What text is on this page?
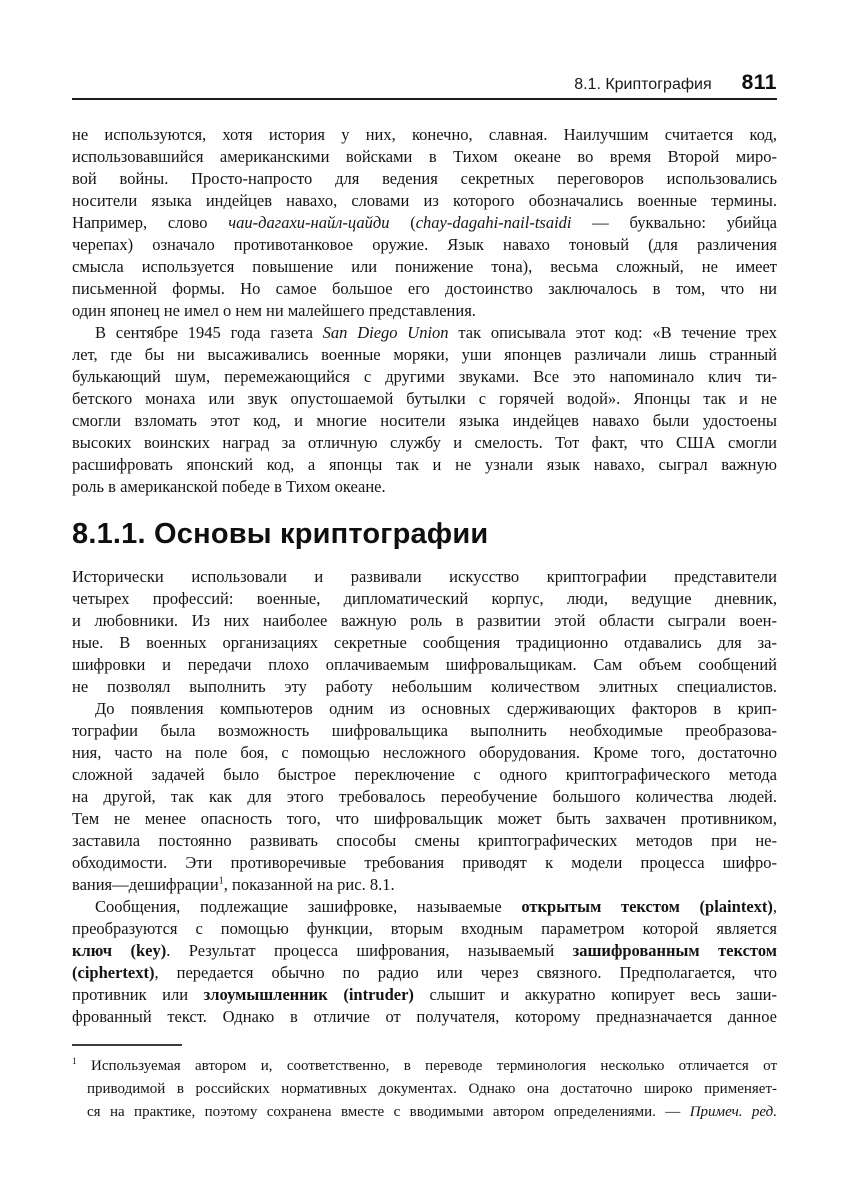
8.1. Криптография 811

не используются, хотя история у них, конечно, славная. Наилучшим считается код,
использовавшийся американскими войсками в Тихом океане во время Второй миро-
вой войны. Просто-напросто для ведения секретных переговоров использовались
носители языка индейцев навахо, словами из которого обозначались военные термины.
Например, слово чаи-дагахи-найл-цайди (chay-dagahi-nail-tsaidi — буквально: убийца
черепах) означало противотанковое оружие. Язык навахо тоновый (для различения
смысла используется повышение или понижение тона), весьма сложный, не имеет
письменной формы. Но самое большое его достоинство заключалось в том, что ни
один японец не имел о нем ни малейшего представления.

В сентябре 1945 года газета San Diego Union так описывала этот код: «В течение трех
лет, где бы ни высаживались военные моряки, уши японцев различали лишь странный
булькающий шум, перемежающийся с другими звуками. Все это напоминало клич ти-
бетского монаха или звук опустошаемой бутылки с горячей водой». Японцы так и не
смогли взломать этот код, и многие носители языка индейцев навахо были удостоены
высоких воинских наград за отличную службу и смелость. Тот факт, что США смогли
расшифровать японский код, а японцы так и не узнали язык навахо, сыграл важную
роль в американской победе в Тихом океане.

8.1.1. Основы криптографии

Исторически использовали и развивали искусство криптографии представители
четырех профессий: военные, дипломатический корпус, люди, ведущие дневник,
и любовники. Из них наиболее важную роль в развитии этой области сыграли воен-
ные. В военных организациях секретные сообщения традиционно отдавались для за-
шифровки и передачи плохо оплачиваемым шифровальщикам. Сам объем сообщений
не позволял выполнить эту работу небольшим количеством элитных специалистов.

До появления компьютеров одним из основных сдерживающих факторов в крип-
тографии была возможность шифровальщика выполнить необходимые преобразова-
ния, часто на поле боя, с помощью несложного оборудования. Кроме того, достаточно
сложной задачей было быстрое переключение с одного криптографического метода
на другой, так как для этого требовалось переобучение большого количества людей.
Тем не менее опасность того, что шифровальщик может быть захвачен противником,
заставила постоянно развивать способы смены криптографических методов при не-
обходимости. Эти противоречивые требования приводят к модели процесса шифро-
вания—дешифрации$^1$, показанной на рис. 8.1.

Сообщения, подлежащие зашифровке, называемые открытым текстом (plaintext),
преобразуются с помощью функции, вторым входным параметром которой является
ключ (key). Результат процесса шифрования, называемый зашифрованным текстом
(ciphertext), передается обычно по радио или через связного. Предполагается, что
противник или злоумышленник (intruder) слышит и аккуратно копирует весь заши-
фрованный текст. Однако в отличие от получателя, которому предназначается данное

$^1$ Используемая автором и, соответственно, в переводе терминология несколько отличается от
приводимой в российских нормативных документах. Однако она достаточно широко применяет-
ся на практике, поэтому сохранена вместе с вводимыми автором определениями. — Примеч. ред.
